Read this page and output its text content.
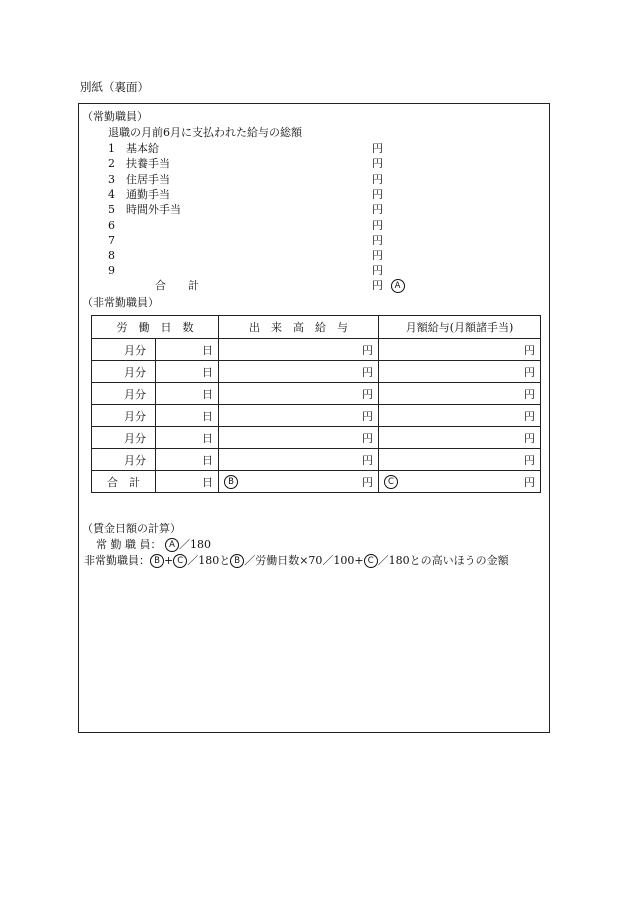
別紙（裏面）
（常勤職員）
退職の月前6月に支払われた給与の総額
1 基本給	円
2 扶養手当	円
3 住居手当	円
4 通勤手当	円
5 時間外手当	円
6	円
7	円
8	円
9	円
合　　計	円 A
（非常勤職員）
労　働　日　数		出　来　高　給　与	月額給与(月額諸手当)
月分	日	円	円
月分	日	円	円
月分	日	円	円
月分	日	円	円
月分	日	円	円
月分	日	円	円
合　計	日	B 円	C 円
（賃金日額の計算）
常 勤 職 員： A ／180
非常勤職員： B + C ／180と B ／労働日数×70／100+ C ／180との高いほうの金額
